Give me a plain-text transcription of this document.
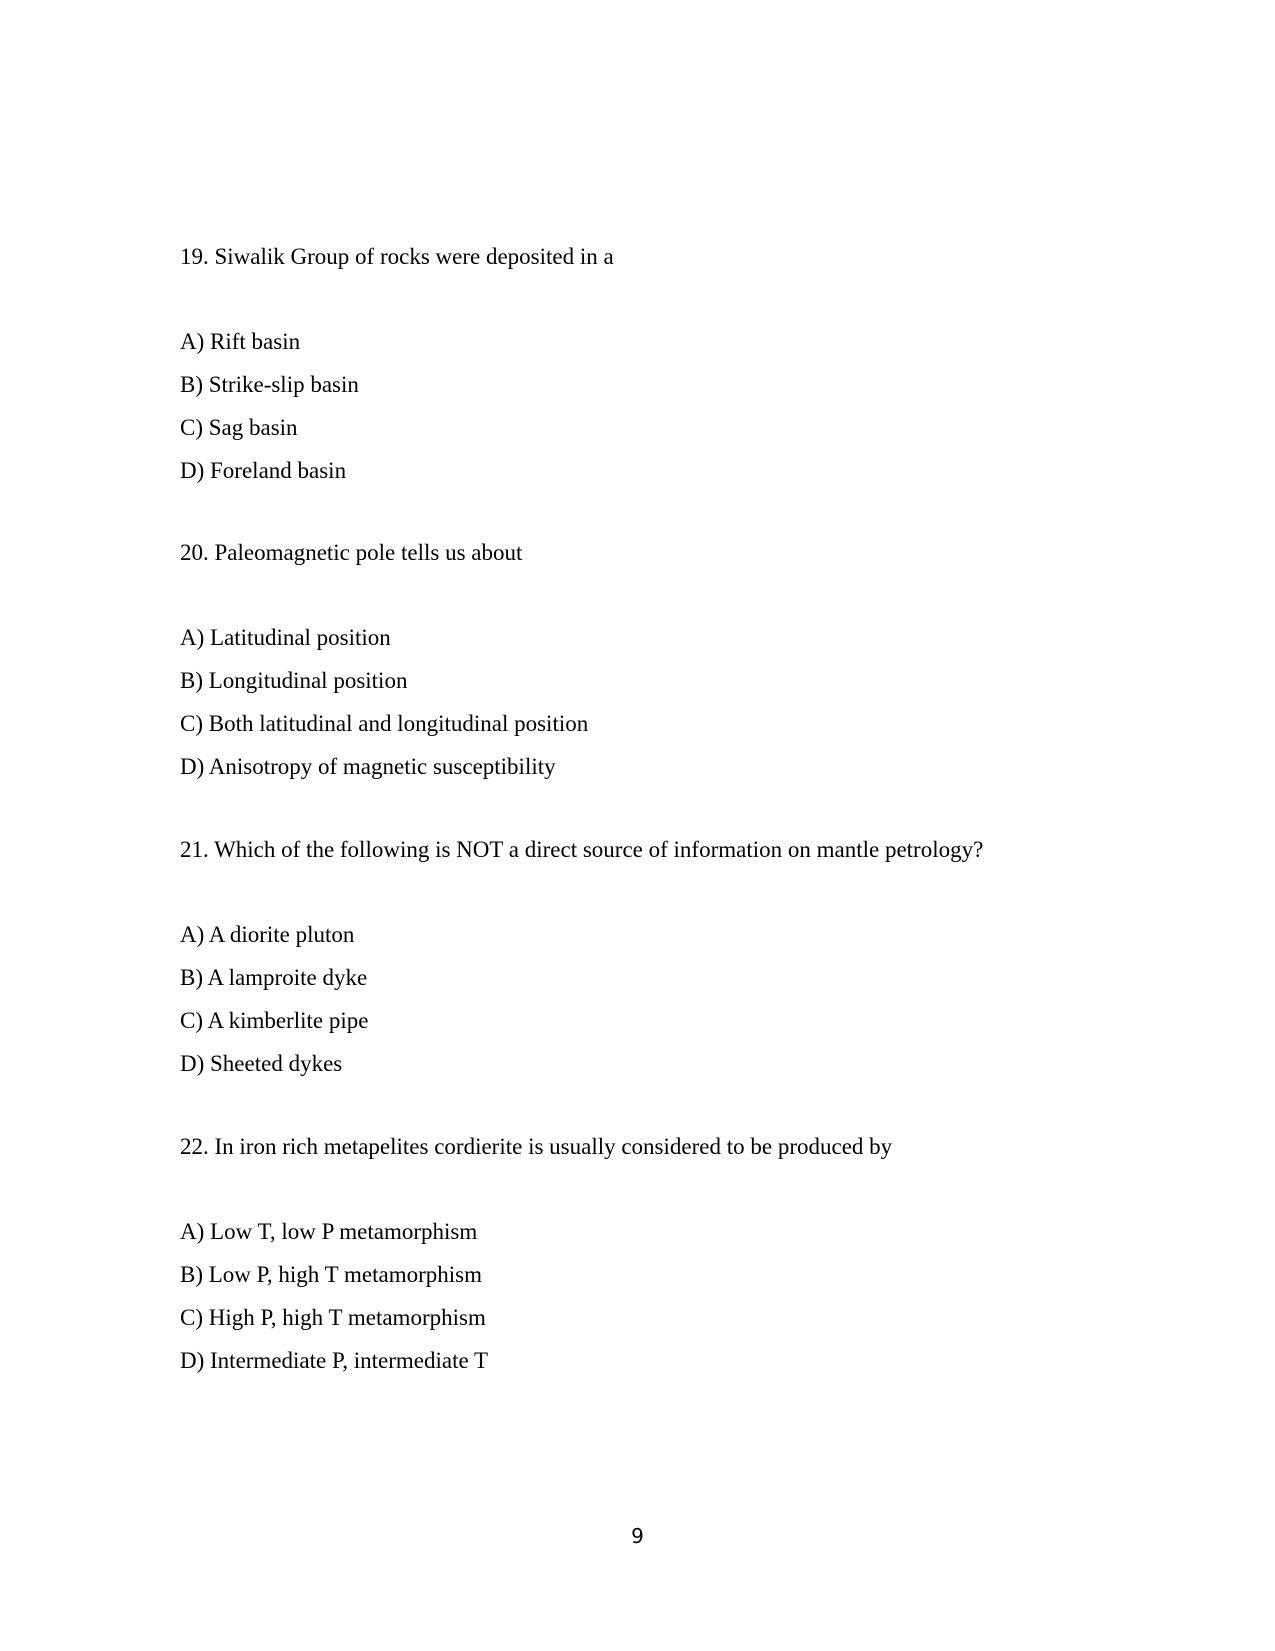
19. Siwalik Group of rocks were deposited in a

A) Rift basin
B) Strike-slip basin
C) Sag basin
D) Foreland basin

20. Paleomagnetic pole tells us about

A) Latitudinal position
B) Longitudinal position
C) Both latitudinal and longitudinal position
D) Anisotropy of magnetic susceptibility

21. Which of the following is NOT a direct source of information on mantle petrology?

A) A diorite pluton
B) A lamproite dyke
C) A kimberlite pipe
D) Sheeted dykes

22. In iron rich metapelites cordierite is usually considered to be produced by

A) Low T, low P metamorphism
B) Low P, high T metamorphism
C) High P, high T metamorphism
D) Intermediate P, intermediate T
9
